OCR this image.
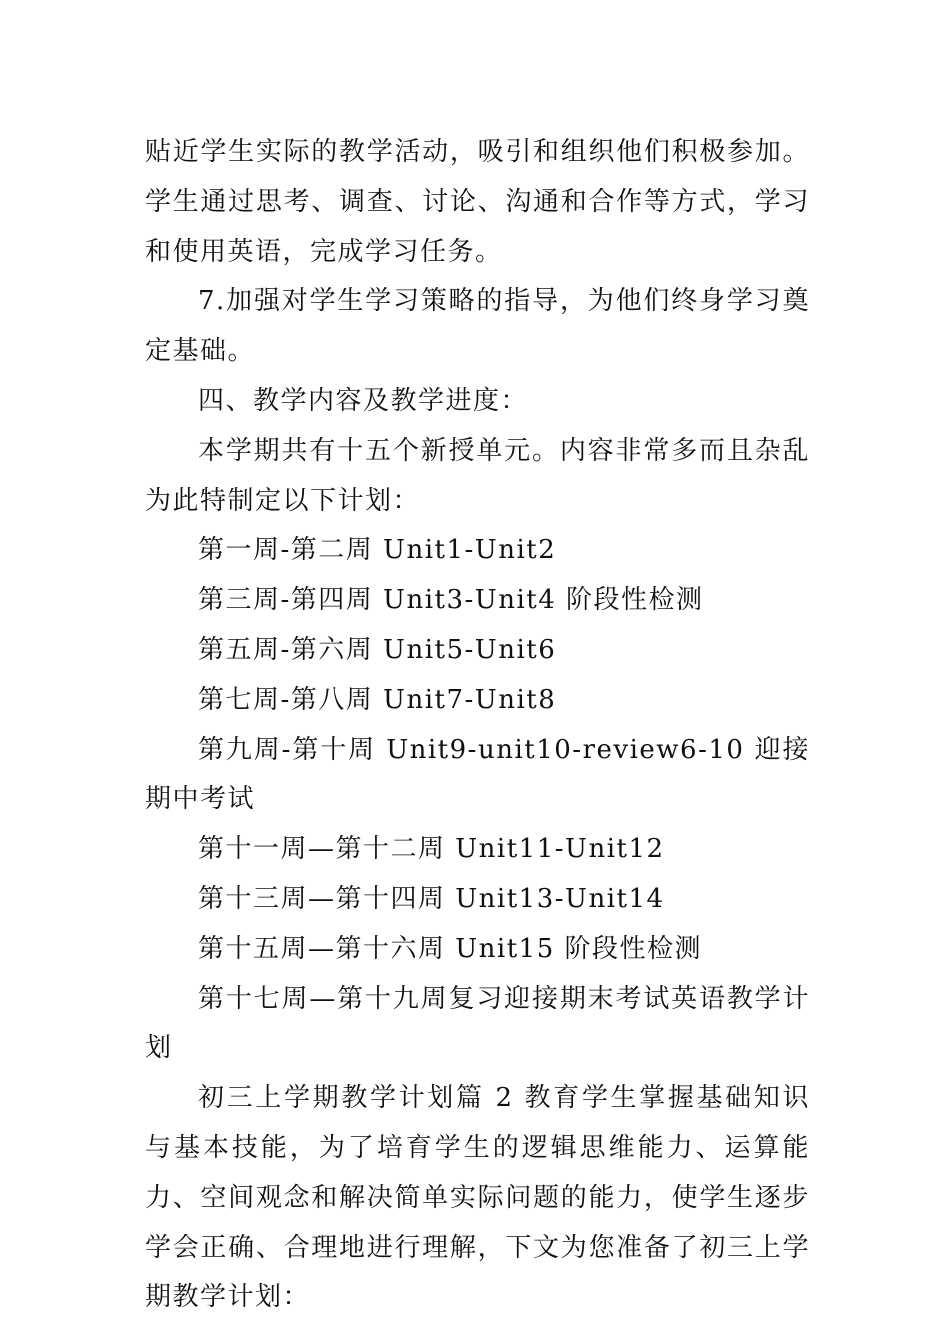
贴近学生实际的教学活动，吸引和组织他们积极参加。学生通过思考、调查、讨论、沟通和合作等方式，学习和使用英语，完成学习任务。

7.加强对学生学习策略的指导，为他们终身学习奠定基础。

四、教学内容及教学进度：

本学期共有十五个新授单元。内容非常多而且杂乱为此特制定以下计划：

第一周-第二周 Unit1-Unit2

第三周-第四周 Unit3-Unit4 阶段性检测

第五周-第六周 Unit5-Unit6

第七周-第八周 Unit7-Unit8

第九周-第十周 Unit9-unit10-review6-10 迎接期中考试

第十一周—第十二周 Unit11-Unit12

第十三周—第十四周 Unit13-Unit14

第十五周—第十六周 Unit15 阶段性检测

第十七周—第十九周复习迎接期末考试英语教学计划

初三上学期教学计划篇 2 教育学生掌握基础知识与基本技能，为了培育学生的逻辑思维能力、运算能力、空间观念和解决简单实际问题的能力，使学生逐步学会正确、合理地进行理解，下文为您准备了初三上学期教学计划：
